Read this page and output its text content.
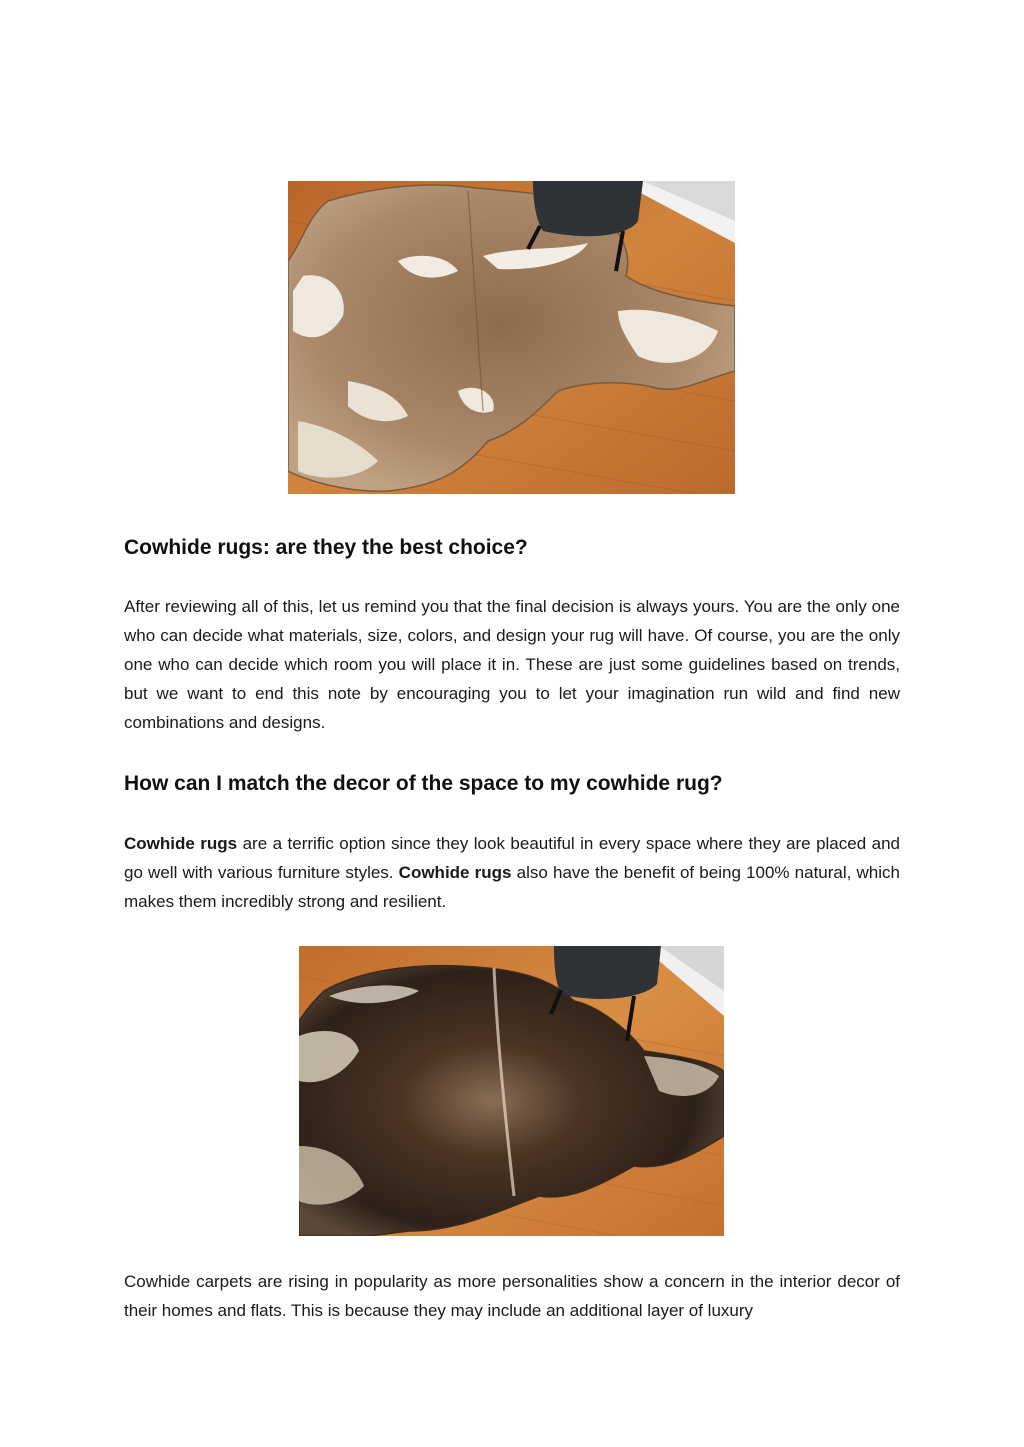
Cowhide rugs: are they the best choice?

After reviewing all of this, let us remind you that the final decision is always yours. You are the only one who can decide what materials, size, colors, and design your rug will have. Of course, you are the only one who can decide which room you will place it in. These are just some guidelines based on trends, but we want to end this note by encouraging you to let your imagination run wild and find new combinations and designs.

How can I match the decor of the space to my cowhide rug?

Cowhide rugs are a terrific option since they look beautiful in every space where they are placed and go well with various furniture styles. Cowhide rugs also have the benefit of being 100% natural, which makes them incredibly strong and resilient.

Cowhide carpets are rising in popularity as more personalities show a concern in the interior decor of their homes and flats. This is because they may include an additional layer of luxury
